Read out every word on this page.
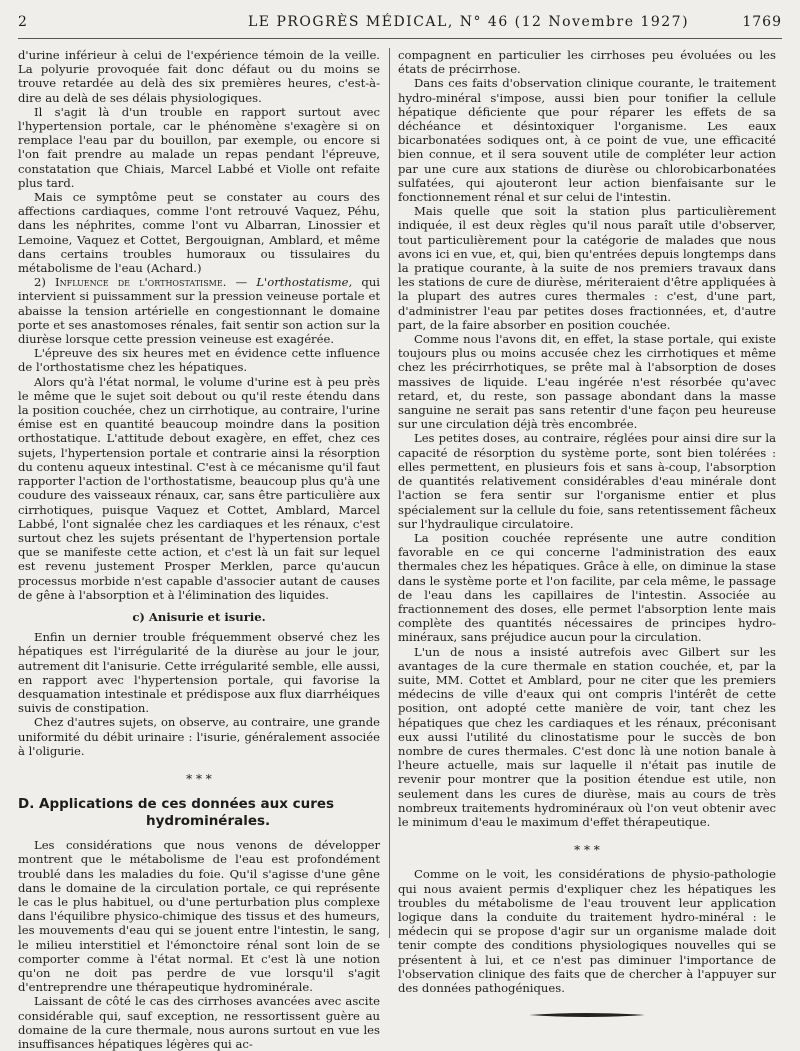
2	LE PROGRÈS MÉDICAL, N° 46 (12 Novembre 1927)	1769

d'urine inférieur à celui de l'expérience témoin de la veille. La polyurie provoquée fait donc défaut ou du moins se trouve retardée au delà des six premières heures, c'est-à-dire au delà de ses délais physiologiques.

Il s'agit là d'un trouble en rapport surtout avec l'hypertension portale, car le phénomène s'exagère si on remplace l'eau par du bouillon, par exemple, ou encore si l'on fait prendre au malade un repas pendant l'épreuve, constatation que Chiais, Marcel Labbé et Violle ont refaite plus tard.

Mais ce symptôme peut se constater au cours des affections cardiaques, comme l'ont retrouvé Vaquez, Péhu, dans les néphrites, comme l'ont vu Albarran, Linossier et Lemoine, Vaquez et Cottet, Bergouignan, Amblard, et même dans certains troubles humoraux ou tissulaires du métabolisme de l'eau (Achard.)

2) Influence de l'orthostatisme. — L'orthostatisme, qui intervient si puissamment sur la pression veineuse portale et abaisse la tension artérielle en congestionnant le domaine porte et ses anastomoses rénales, fait sentir son action sur la diurèse lorsque cette pression veineuse est exagérée.

L'épreuve des six heures met en évidence cette influence de l'orthostatisme chez les hépatiques.

Alors qu'à l'état normal, le volume d'urine est à peu près le même que le sujet soit debout ou qu'il reste étendu dans la position couchée, chez un cirrhotique, au contraire, l'urine émise est en quantité beaucoup moindre dans la position orthostatique. L'attitude debout exagère, en effet, chez ces sujets, l'hypertension portale et contrarie ainsi la résorption du contenu aqueux intestinal. C'est à ce mécanisme qu'il faut rapporter l'action de l'orthostatisme, beaucoup plus qu'à une coudure des vaisseaux rénaux, car, sans être particulière aux cirrhotiques, puisque Vaquez et Cottet, Amblard, Marcel Labbé, l'ont signalée chez les cardiaques et les rénaux, c'est surtout chez les sujets présentant de l'hypertension portale que se manifeste cette action, et c'est là un fait sur lequel est revenu justement Prosper Merklen, parce qu'aucun processus morbide n'est capable d'associer autant de causes de gêne à l'absorption et à l'élimination des liquides.

c) Anisurie et isurie.

Enfin un dernier trouble fréquemment observé chez les hépatiques est l'irrégularité de la diurèse au jour le jour, autrement dit l'anisurie. Cette irrégularité semble, elle aussi, en rapport avec l'hypertension portale, qui favorise la desquamation intestinale et prédispose aux flux diarrhéiques suivis de constipation.

Chez d'autres sujets, on observe, au contraire, une grande uniformité du débit urinaire : l'isurie, généralement associée à l'oligurie.

* * *
D. Applications de ces données aux cures
hydrominérales.

Les considérations que nous venons de développer montrent que le métabolisme de l'eau est profondément troublé dans les maladies du foie. Qu'il s'agisse d'une gêne dans le domaine de la circulation portale, ce qui représente le cas le plus habituel, ou d'une perturbation plus complexe dans l'équilibre physico-chimique des tissus et des humeurs, les mouvements d'eau qui se jouent entre l'intestin, le sang, le milieu interstitiel et l'émonctoire rénal sont loin de se comporter comme à l'état normal. Et c'est là une notion qu'on ne doit pas perdre de vue lorsqu'il s'agit d'entreprendre une thérapeutique hydrominérale.

Laissant de côté le cas des cirrhoses avancées avec ascite considérable qui, sauf exception, ne ressortissent guère au domaine de la cure thermale, nous aurons surtout en vue les insuffisances hépatiques légères qui ac-

compagnent en particulier les cirrhoses peu évoluées ou les états de précirrhose.

Dans ces faits d'observation clinique courante, le traitement hydro-minéral s'impose, aussi bien pour tonifier la cellule hépatique déficiente que pour réparer les effets de sa déchéance et désintoxiquer l'organisme. Les eaux bicarbonatées sodiques ont, à ce point de vue, une efficacité bien connue, et il sera souvent utile de compléter leur action par une cure aux stations de diurèse ou chlorobicarbonatées sulfatées, qui ajouteront leur action bienfaisante sur le fonctionnement rénal et sur celui de l'intestin.

Mais quelle que soit la station plus particulièrement indiquée, il est deux règles qu'il nous paraît utile d'observer, tout particulièrement pour la catégorie de malades que nous avons ici en vue, et, qui, bien qu'entrées depuis longtemps dans la pratique courante, à la suite de nos premiers travaux dans les stations de cure de diurèse, mériteraient d'être appliquées à la plupart des autres cures thermales : c'est, d'une part, d'administrer l'eau par petites doses fractionnées, et, d'autre part, de la faire absorber en position couchée.

Comme nous l'avons dit, en effet, la stase portale, qui existe toujours plus ou moins accusée chez les cirrhotiques et même chez les précirrhotiques, se prête mal à l'absorption de doses massives de liquide. L'eau ingérée n'est résorbée qu'avec retard, et, du reste, son passage abondant dans la masse sanguine ne serait pas sans retentir d'une façon peu heureuse sur une circulation déjà très encombrée.

Les petites doses, au contraire, réglées pour ainsi dire sur la capacité de résorption du système porte, sont bien tolérées : elles permettent, en plusieurs fois et sans à-coup, l'absorption de quantités relativement considérables d'eau minérale dont l'action se fera sentir sur l'organisme entier et plus spécialement sur la cellule du foie, sans retentissement fâcheux sur l'hydraulique circulatoire.

La position couchée représente une autre condition favorable en ce qui concerne l'administration des eaux thermales chez les hépatiques. Grâce à elle, on diminue la stase dans le système porte et l'on facilite, par cela même, le passage de l'eau dans les capillaires de l'intestin. Associée au fractionnement des doses, elle permet l'absorption lente mais complète des quantités nécessaires de principes hydro-minéraux, sans préjudice aucun pour la circulation.

L'un de nous a insisté autrefois avec Gilbert sur les avantages de la cure thermale en station couchée, et, par la suite, MM. Cottet et Amblard, pour ne citer que les premiers médecins de ville d'eaux qui ont compris l'intérêt de cette position, ont adopté cette manière de voir, tant chez les hépatiques que chez les cardiaques et les rénaux, préconisant eux aussi l'utilité du clinostatisme pour le succès de bon nombre de cures thermales. C'est donc là une notion banale à l'heure actuelle, mais sur laquelle il n'était pas inutile de revenir pour montrer que la position étendue est utile, non seulement dans les cures de diurèse, mais au cours de très nombreux traitements hydrominéraux où l'on veut obtenir avec le minimum d'eau le maximum d'effet thérapeutique.

* * *

Comme on le voit, les considérations de physio-pathologie qui nous avaient permis d'expliquer chez les hépatiques les troubles du métabolisme de l'eau trouvent leur application logique dans la conduite du traitement hydro-minéral : le médecin qui se propose d'agir sur un organisme malade doit tenir compte des conditions physiologiques nouvelles qui se présentent à lui, et ce n'est pas diminuer l'importance de l'observation clinique des faits que de chercher à l'appuyer sur des données pathogéniques.
